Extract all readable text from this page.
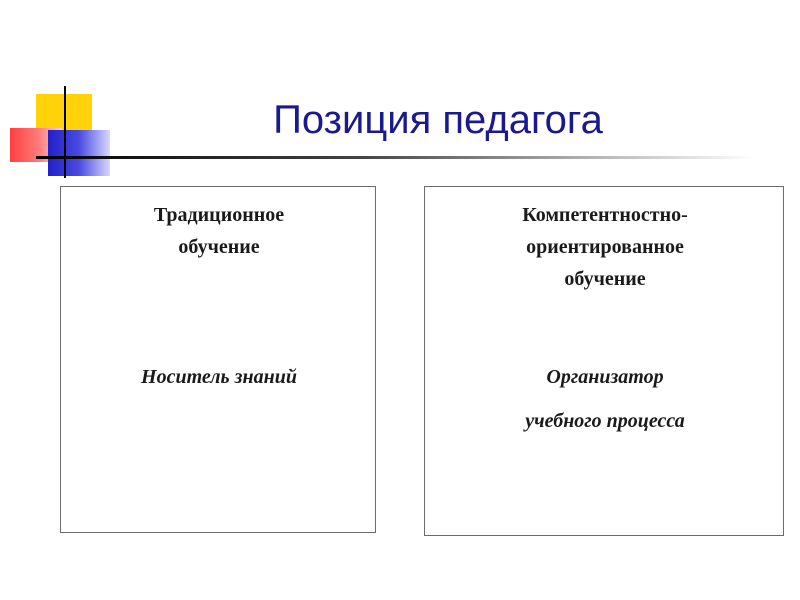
Позиция педагога

Традиционное
обучение

Носитель знаний

Компетентностно-
ориентированное
обучение

Организатор
учебного процесса
